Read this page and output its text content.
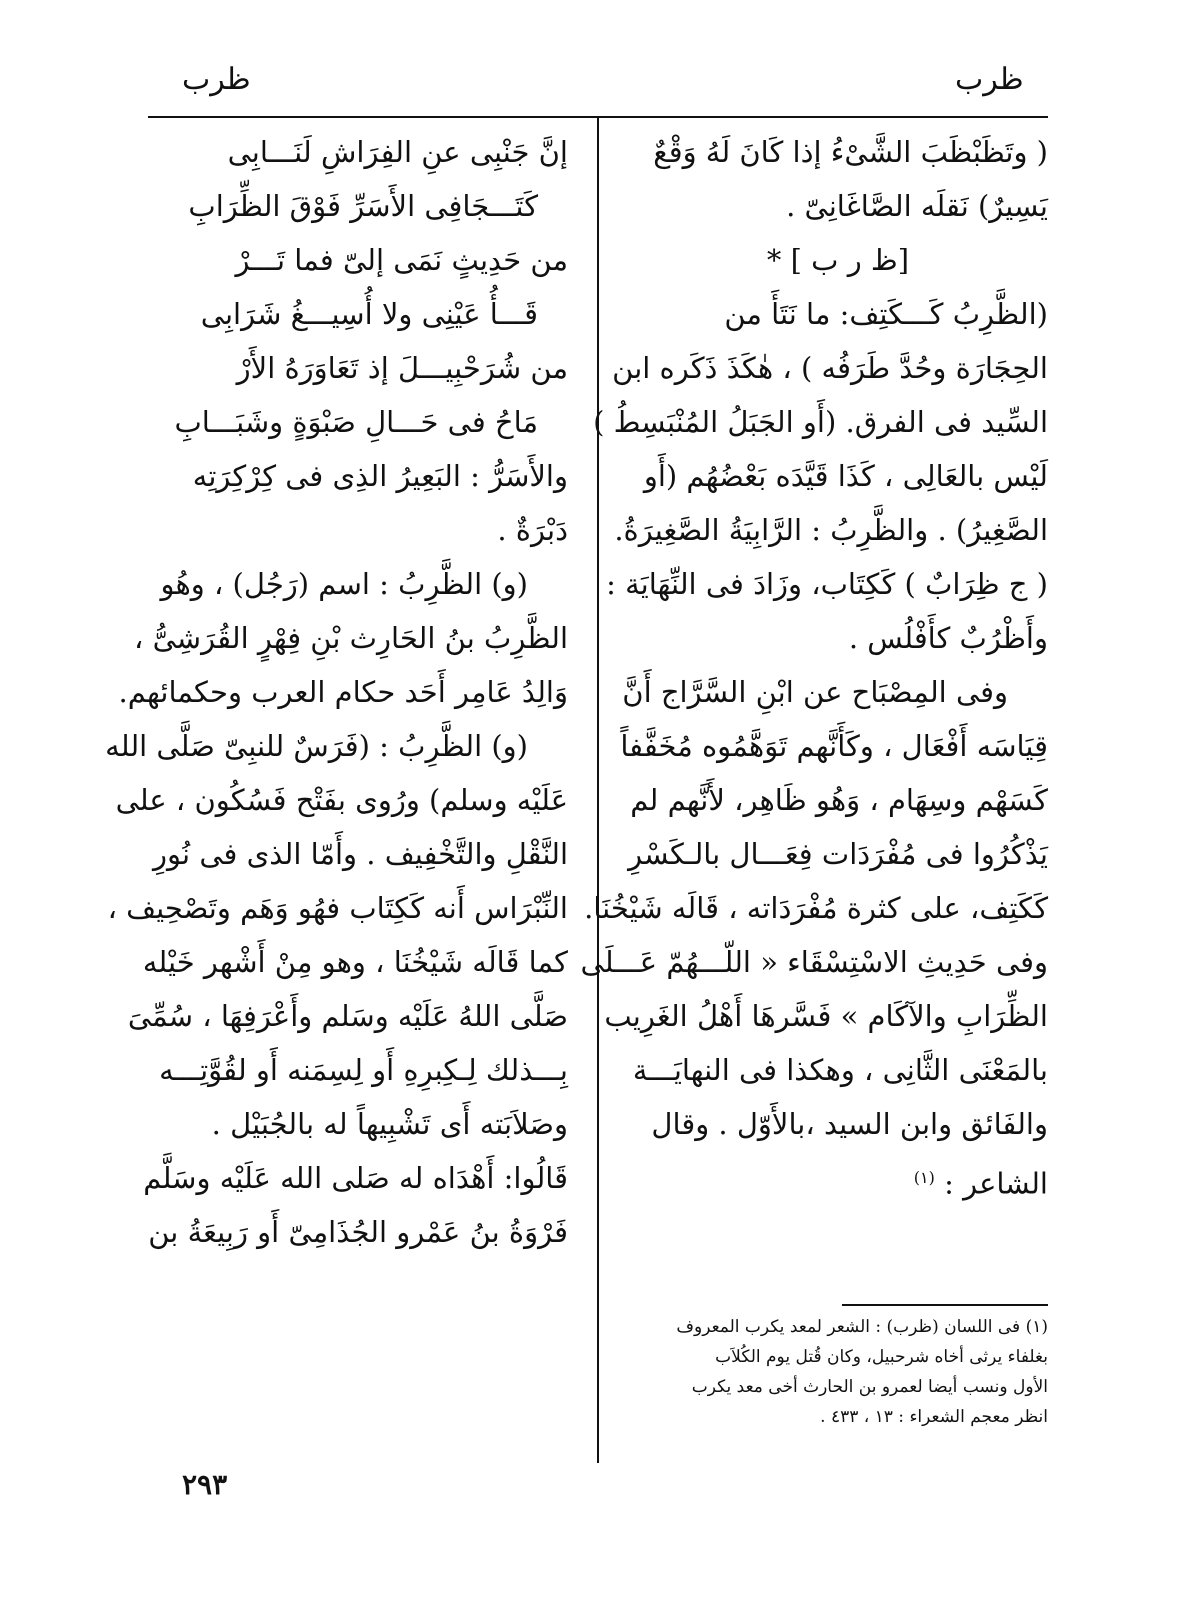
ظرب
ظرب
( وتَظَبْظَبَ الشَّىْءُ إذا كَانَ لَهُ وَقْعٌ
يَسِيرٌ) نَقلَه الصَّاغَانِىّ .
[ظ ر ب ] *
(الظَّرِبُ كَـــكَتِف: ما نَتَأَ من
الحِجَارَة وحُدَّ طَرَفُه ) ، هٰكَذَ ذَكَره ابن
السِّيد فى الفرق. (أَو الجَبَلُ المُنْبَسِطُ )
لَيْس بالعَالِى ، كَذَا قَيَّدَه بَعْضُهُم (أَو
الصَّغِيرُ) . والظَّرِبُ : الرَّابِيَةُ الصَّغِيرَةُ.
( ج ظِرَابٌ ) كَكِتَاب، وزَادَ فى النِّهَايَة :
وأَظْرُبٌ كأَفْلُس .
وفى المِصْبَاح عن ابْنِ السَّرَّاج أَنَّ
قِيَاسَه أَفْعَال ، وكَأَنَّهم تَوَهَّمُوه مُخَفَّفاً
كَسَهْم وسِهَام ، وَهُو ظَاهِر، لأَنَّهم لم
يَذْكُرُوا فى مُفْرَدَات فِعَـــال بالـكَسْرِ
كَكَتِف، على كثرة مُفْرَدَاته ، قَالَه شَيْخُنَا.
وفى حَدِيثِ الاسْتِسْقَاء « اللّـــهُمّ عَـــلَى
الظِّرَابِ والآكَام » فَسَّرهَا أَهْلُ الغَرِيب
بالمَعْنَى الثَّانِى ، وهكذا فى النهايَـــة
والفَائق وابن السيد ،بالأَوّل . وقال
الشاعر : $^{(١)}$
(١) فى اللسان (ظرب) : الشعر لمعد يكرب المعروف
بغلفاء يرثى أخاه شرحبيل، وكان قُتل يوم الكُلاَب
الأول ونسب أيضا لعمرو بن الحارث أخى معد يكرب
انظر معجم الشعراء : ١٣ ، ٤٣٣ .
إنَّ جَنْبِى عنِ الفِرَاشِ لَنَـــابِى
كَتَـــجَافِى الأَسَرِّ فَوْقَ الظِّرَابِ
من حَدِيثٍ نَمَى إلىّ فما تَـــرْ
قَـــأُ عَيْنِى ولا أُسِيـــغُ شَرَابِى
من شُرَحْبِيـــلَ إذ تَعَاوَرَهُ الأَرْ
مَاحُ فى حَـــالِ صَبْوَةٍ وشَبَـــابِ
والأَسَرُّ : البَعِيرُ الذِى فى كِرْكِرَتِه
دَبْرَةٌ .
(و) الظَّرِبُ : اسم (رَجُل) ، وهُو
الظَّرِبُ بنُ الحَارِث بْنِ فِهْرٍ القُرَشِىُّ ،
وَالِدُ عَامِر أَحَد حكام العرب وحكمائهم.
(و) الظَّرِبُ : (فَرَسٌ للنبِىّ صَلَّى الله
عَلَيْه وسلم) ورُوى بفَتْح فَسُكُون ، على
النَّقْلِ والتَّخْفِيف . وأَمّا الذى فى نُورِ
النِّبْرَاس أَنه كَكِتَاب فهُو وَهَم وتَصْحِيف ،
كما قَالَه شَيْخُنَا ، وهو مِنْ أَشْهر خَيْله
صَلَّى اللهُ عَلَيْه وسَلم وأَعْرَفِهَا ، سُمِّىَ
بِـــذلك لِـكِبرِهِ أَو لِسِمَنه أَو لقُوَّتِـــه
وصَلاَبَته أَى تَشْبِيهاً له بالجُبَيْل .
قَالُوا: أَهْدَاه له صَلى الله عَلَيْه وسَلَّم
فَرْوَةُ بنُ عَمْرو الجُذَامِىّ أَو رَبِيعَةُ بن
٢٩٣
